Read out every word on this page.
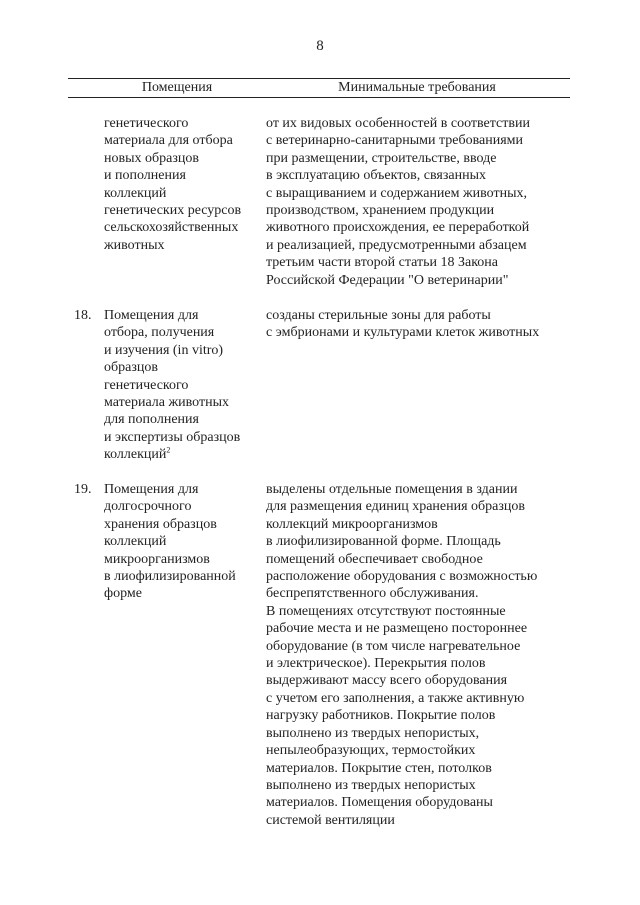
8
Помещения	Минимальные требования
генетического
материала для отбора
новых образцов
и пополнения
коллекций
генетических ресурсов
сельскохозяйственных
животных
от их видовых особенностей в соответствии
с ветеринарно-санитарными требованиями
при размещении, строительстве, вводе
в эксплуатацию объектов, связанных
с выращиванием и содержанием животных,
производством, хранением продукции
животного происхождения, ее переработкой
и реализацией, предусмотренными абзацем
третьим части второй статьи 18 Закона
Российской Федерации "О ветеринарии"
18. Помещения для
отбора, получения
и изучения (in vitro)
образцов
генетического
материала животных
для пополнения
и экспертизы образцов
коллекций$^2$
созданы стерильные зоны для работы
с эмбрионами и культурами клеток животных
19. Помещения для
долгосрочного
хранения образцов
коллекций
микроорганизмов
в лиофилизированной
форме
выделены отдельные помещения в здании
для размещения единиц хранения образцов
коллекций микроорганизмов
в лиофилизированной форме. Площадь
помещений обеспечивает свободное
расположение оборудования с возможностью
беспрепятственного обслуживания.
В помещениях отсутствуют постоянные
рабочие места и не размещено постороннее
оборудование (в том числе нагревательное
и электрическое). Перекрытия полов
выдерживают массу всего оборудования
с учетом его заполнения, а также активную
нагрузку работников. Покрытие полов
выполнено из твердых непористых,
непылеобразующих, термостойких
материалов. Покрытие стен, потолков
выполнено из твердых непористых
материалов. Помещения оборудованы
системой вентиляции
